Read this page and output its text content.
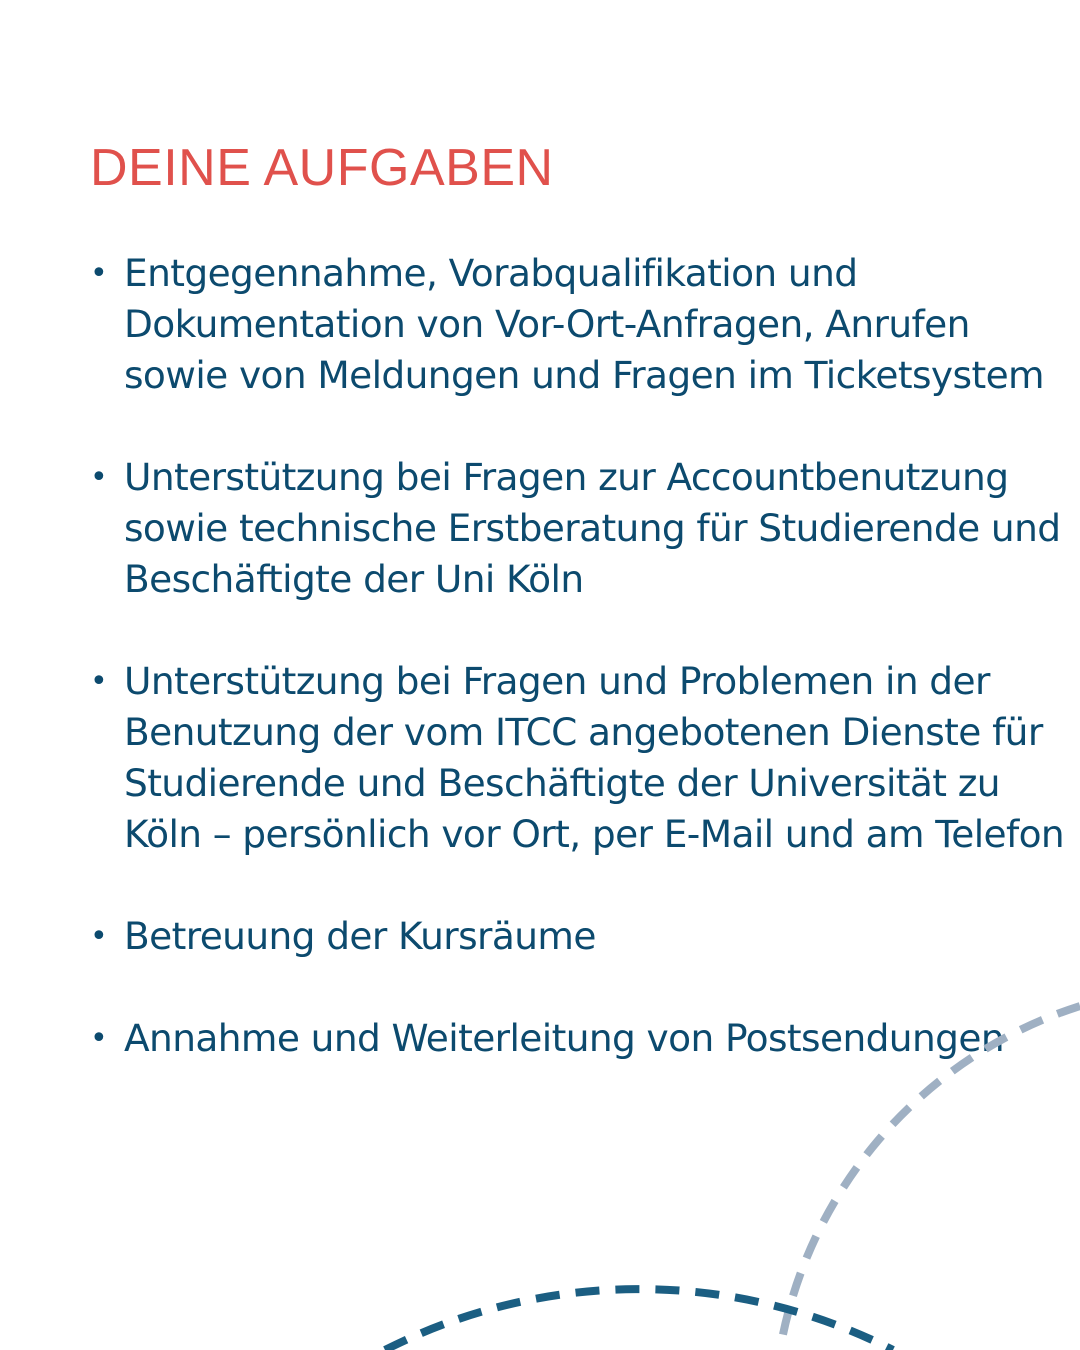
DEINE AUFGABEN
• Entgegennahme, Vorabqualifikation und Dokumentation von Vor-Ort-Anfragen, Anrufen sowie von Meldungen und Fragen im Ticketsystem
• Unterstützung bei Fragen zur Accountbenutzung sowie technische Erstberatung für Studierende und Beschäftigte der Uni Köln
• Unterstützung bei Fragen und Problemen in der Benutzung der vom ITCC angebotenen Dienste für Studierende und Beschäftigte der Universität zu Köln – persönlich vor Ort, per E-Mail und am Telefon
• Betreuung der Kursräume
• Annahme und Weiterleitung von Postsendungen
